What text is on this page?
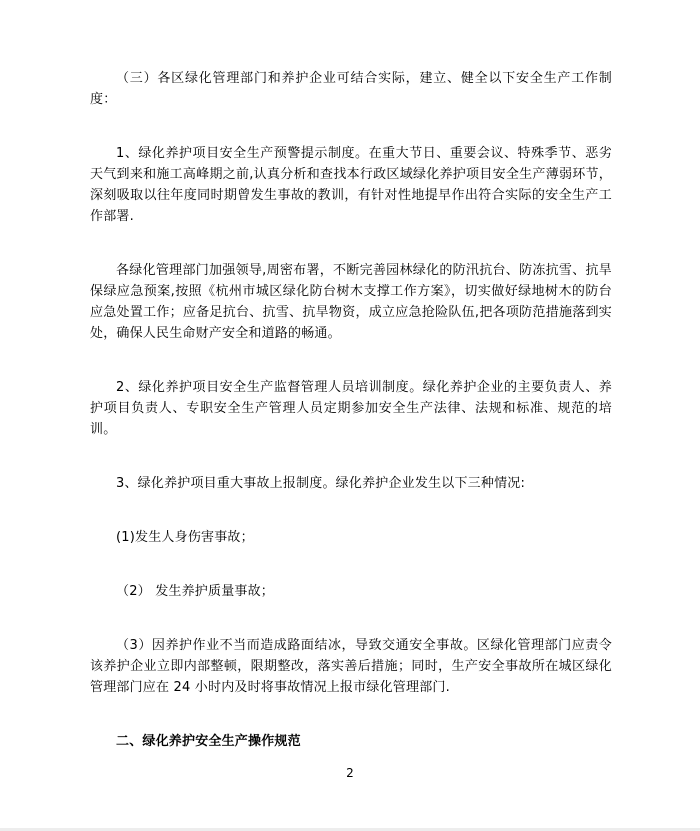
（三）各区绿化管理部门和养护企业可结合实际，建立、健全以下安全生产工作制度：

1、绿化养护项目安全生产预警提示制度。在重大节日、重要会议、特殊季节、恶劣天气到来和施工高峰期之前,认真分析和查找本行政区域绿化养护项目安全生产薄弱环节，深刻吸取以往年度同时期曾发生事故的教训，有针对性地提早作出符合实际的安全生产工作部署.

各绿化管理部门加强领导,周密布署，不断完善园林绿化的防汛抗台、防冻抗雪、抗旱保绿应急预案,按照《杭州市城区绿化防台树木支撑工作方案》，切实做好绿地树木的防台应急处置工作；应备足抗台、抗雪、抗旱物资，成立应急抢险队伍,把各项防范措施落到实处，确保人民生命财产安全和道路的畅通。

2、绿化养护项目安全生产监督管理人员培训制度。绿化养护企业的主要负责人、养护项目负责人、专职安全生产管理人员定期参加安全生产法律、法规和标准、规范的培训。

3、绿化养护项目重大事故上报制度。绿化养护企业发生以下三种情况:

(1)发生人身伤害事故；

（2） 发生养护质量事故；

（3）因养护作业不当而造成路面结冰，导致交通安全事故。区绿化管理部门应责令该养护企业立即内部整顿，限期整改，落实善后措施；同时，生产安全事故所在城区绿化管理部门应在 24 小时内及时将事故情况上报市绿化管理部门.

二、绿化养护安全生产操作规范

2
